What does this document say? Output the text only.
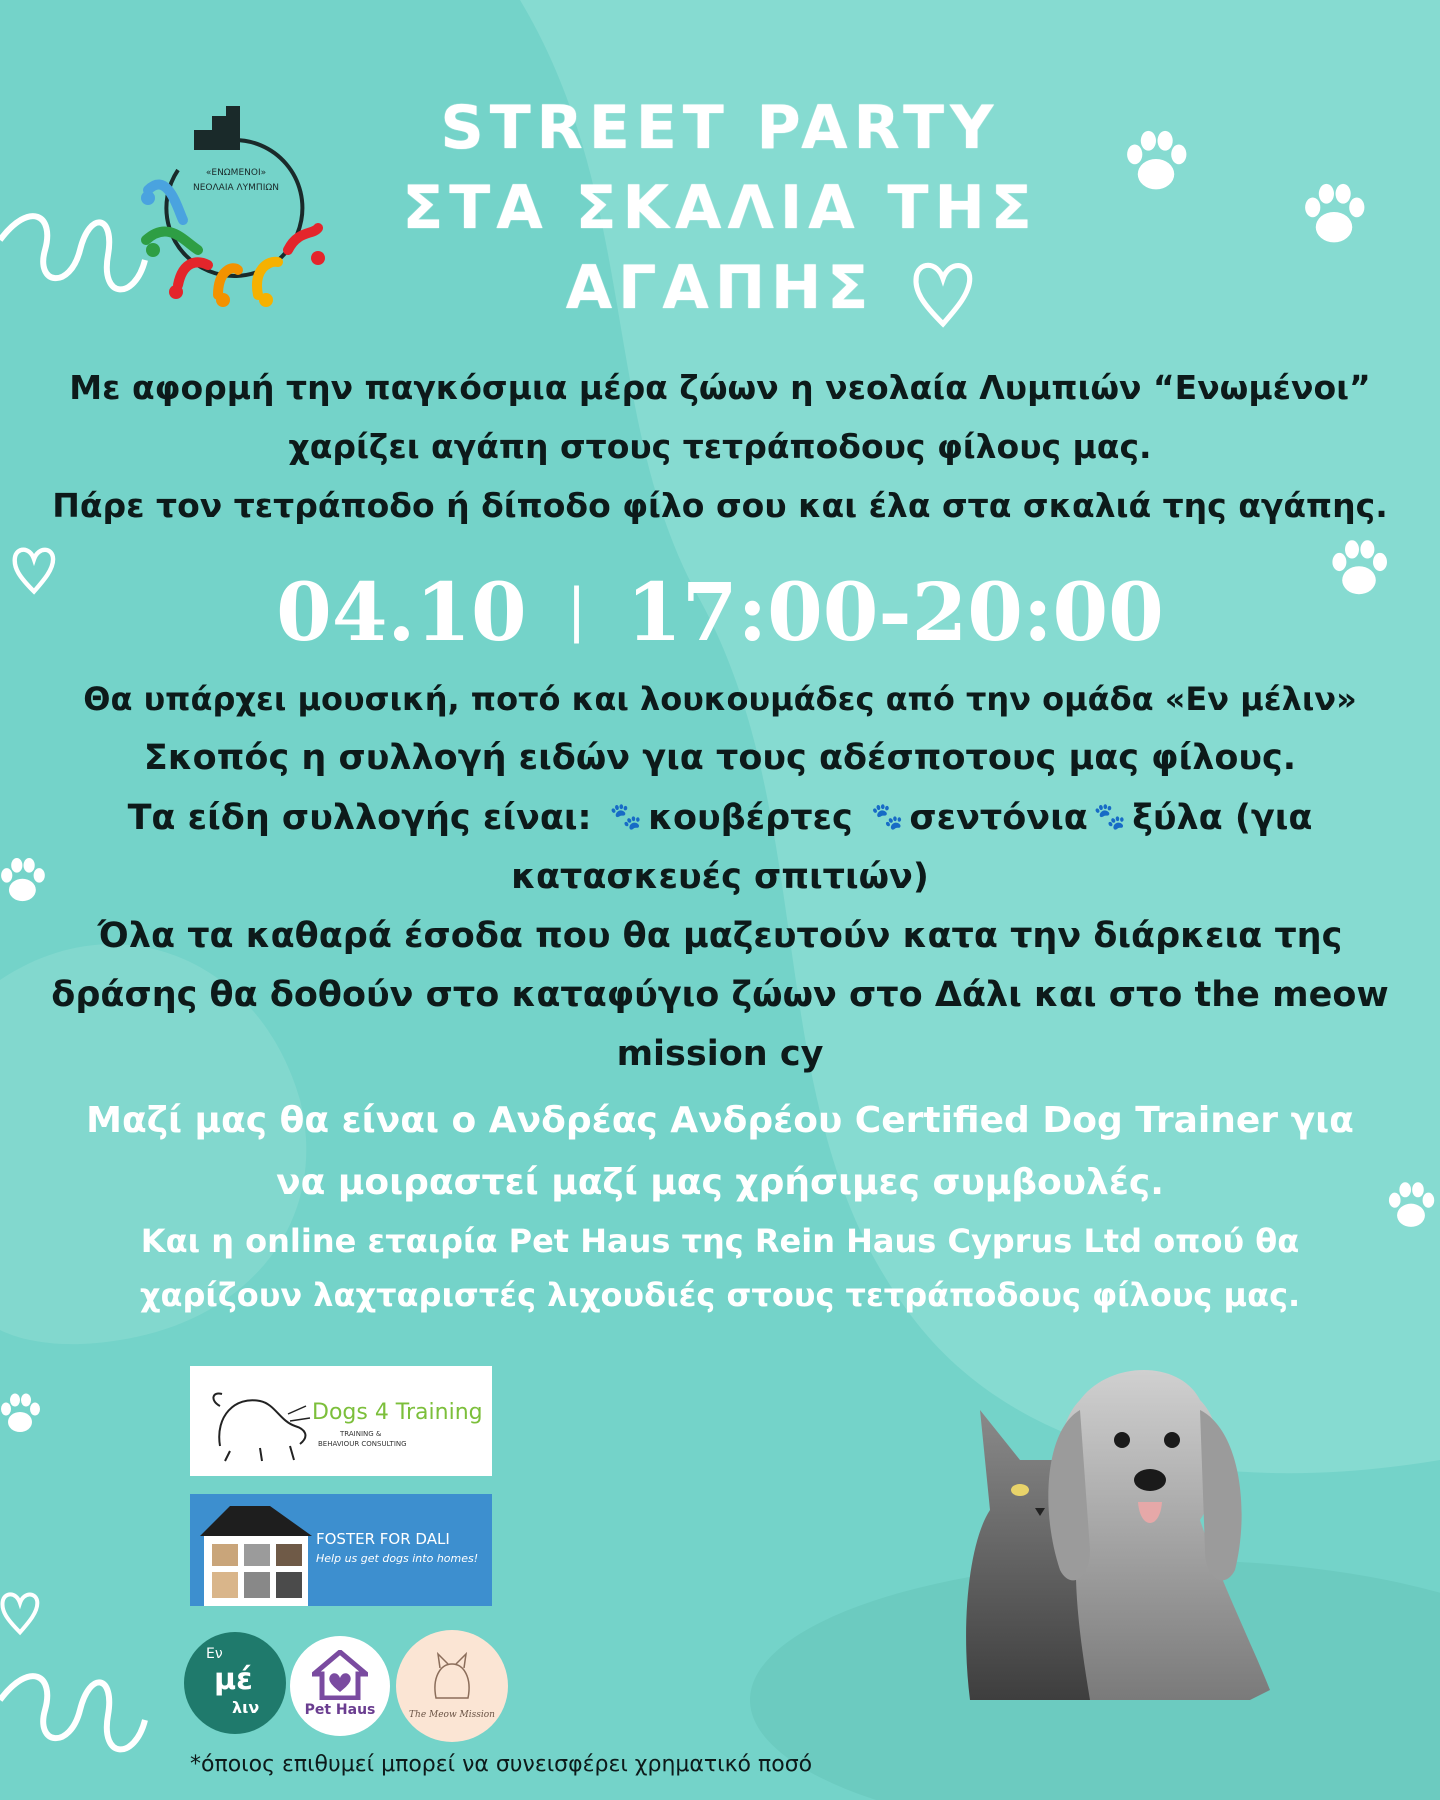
«ΕΝΩΜΕΝΟΙ»
ΝΕΟΛΑΙΑ ΛΥΜΠΙΩΝ
STREET PARTY
ΣΤΑ ΣΚΑΛΙΑ ΤΗΣ
ΑΓΑΠΗΣ
Με αφορμή την παγκόσμια μέρα ζώων η νεολαία Λυμπιών “Ενωμένοι”
χαρίζει αγάπη στους τετράποδους φίλους μας.
Πάρε τον τετράποδο ή δίποδο φίλο σου και έλα στα σκαλιά της αγάπης.
04.10 | 17:00-20:00
Θα υπάρχει μουσική, ποτό και λουκουμάδες από την ομάδα «Εν μέλιν»
Σκοπός η συλλογή ειδών για τους αδέσποτους μας φίλους.
Τα είδη συλλογής είναι: 🐾 κουβέρτες 🐾 σεντόνια 🐾 ξύλα (για
κατασκευές σπιτιών)
Όλα τα καθαρά έσοδα που θα μαζευτούν κατα την διάρκεια της
δράσης θα δοθούν στο καταφύγιο ζώων στο Δάλι και στο the meow
mission cy
Μαζί μας θα είναι ο Ανδρέας Ανδρέου Certified Dog Trainer για
να μοιραστεί μαζί μας χρήσιμες συμβουλές.
Και η online εταιρία Pet Haus της Rein Haus Cyprus Ltd οπού θα
χαρίζουν λαχταριστές λιχουδιές στους τετράποδους φίλους μας.
Dogs 4 Training
TRAINING &
BEHAVIOUR CONSULTING
FOSTER FOR DALI
Help us get dogs into homes!
Εν
μέ
λιν	Pet Haus	The Meow Mission
*όποιος επιθυμεί μπορεί να συνεισφέρει χρηματικό ποσό
